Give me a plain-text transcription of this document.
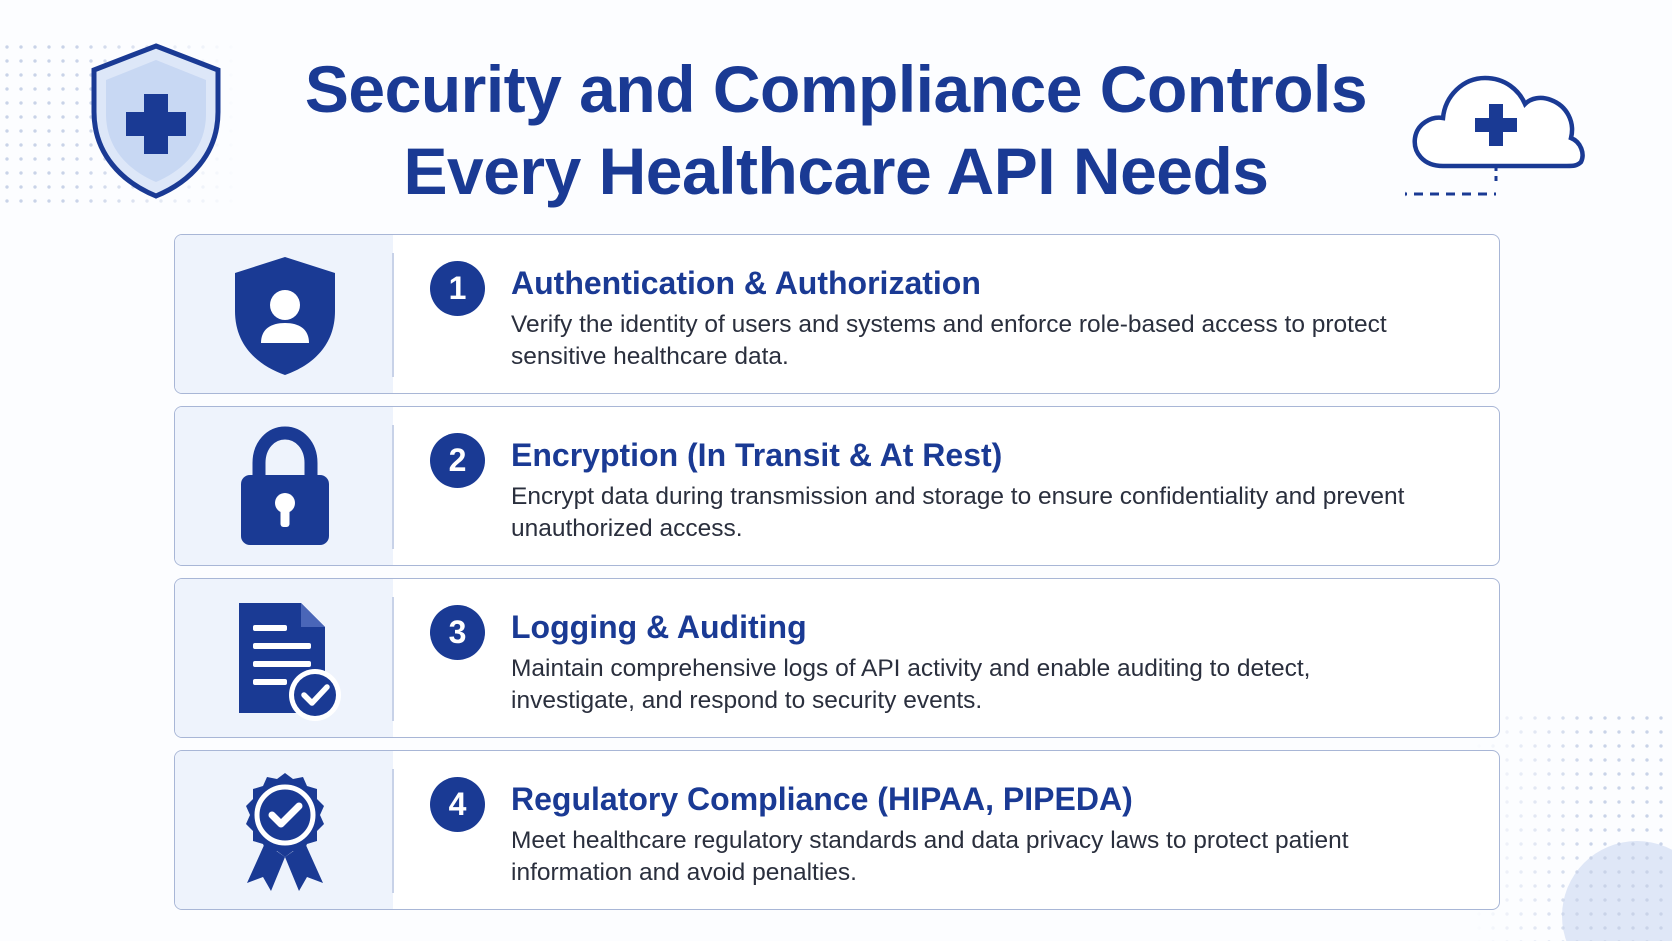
Security and Compliance Controls
Every Healthcare API Needs
1	Authentication & Authorization
Verify the identity of users and systems and enforce role-based access to protect sensitive healthcare data.
2	Encryption (In Transit & At Rest)
Encrypt data during transmission and storage to ensure confidentiality and prevent unauthorized access.
3	Logging & Auditing
Maintain comprehensive logs of API activity and enable auditing to detect, investigate, and respond to security events.
4	Regulatory Compliance (HIPAA, PIPEDA)
Meet healthcare regulatory standards and data privacy laws to protect patient information and avoid penalties.
